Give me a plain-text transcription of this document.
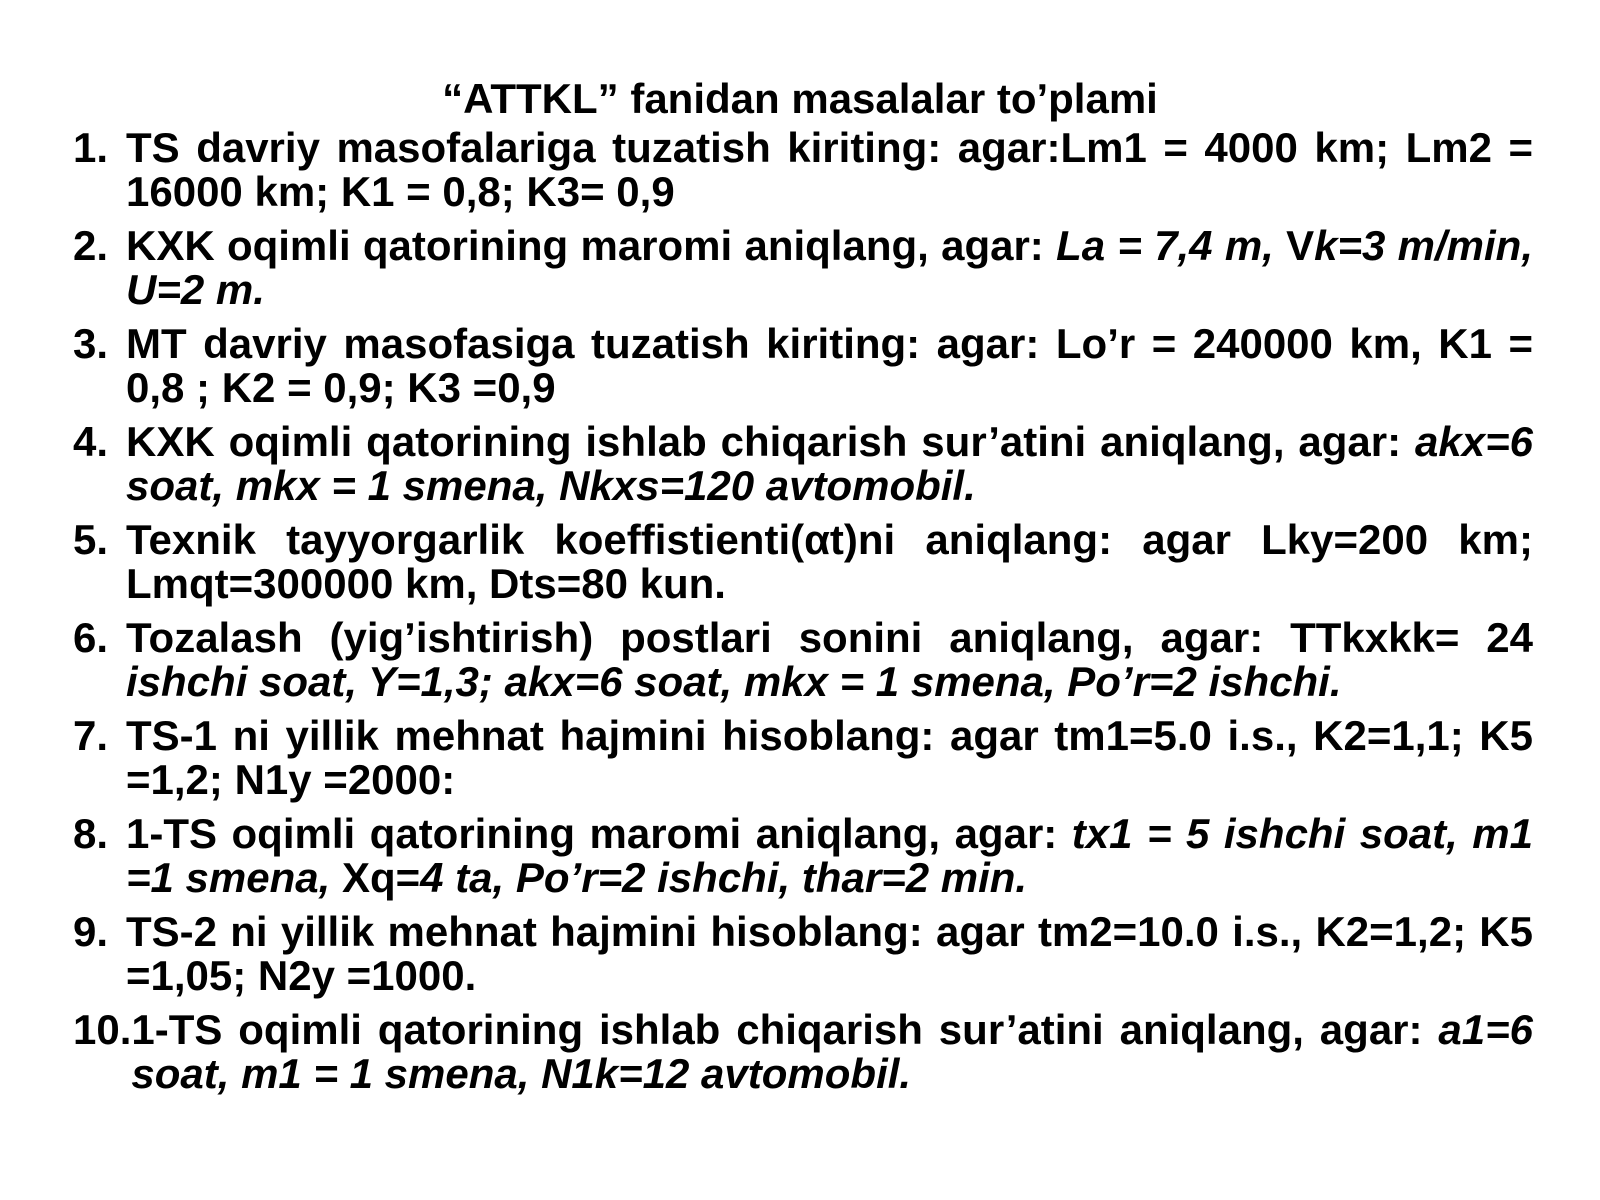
“ATTKL” fanidan masalalar to’plami
1. TS davriy masofalariga tuzatish kiriting: agar:Lm1 = 4000 km; Lm2 = 16000 km; K1 = 0,8; K3= 0,9
2. KXK oqimli qatorining maromi aniqlang, agar: La = 7,4 m, Vk=3 m/min, U=2 m.
3. MT davriy masofasiga tuzatish kiriting: agar: Lo’r = 240000 km, K1 = 0,8 ; K2 = 0,9; K3 =0,9
4. KXK oqimli qatorining ishlab chiqarish sur’atini aniqlang, agar: akx=6 soat, mkx = 1 smena, Nkxs=120 avtomobil.
5. Texnik tayyorgarlik koeffistienti(αt)ni aniqlang: agar Lky=200 km; Lmqt=300000 km, Dts=80 kun.
6. Tozalash (yig’ishtirish) postlari sonini aniqlang, agar: TTkxkk= 24 ishchi soat, Y=1,3; akx=6 soat, mkx = 1 smena, Po’r=2 ishchi.
7. TS-1 ni yillik mehnat hajmini hisoblang: agar tm1=5.0 i.s., K2=1,1; K5 =1,2; N1y =2000:
8. 1-TS oqimli qatorining maromi aniqlang, agar: tx1 = 5 ishchi soat, m1 =1 smena, Xq=4 ta, Po’r=2 ishchi, thar=2 min.
9. TS-2 ni yillik mehnat hajmini hisoblang: agar tm2=10.0 i.s., K2=1,2; K5 =1,05; N2y =1000.
10. 1-TS oqimli qatorining ishlab chiqarish sur’atini aniqlang, agar: a1=6 soat, m1 = 1 smena, N1k=12 avtomobil.
